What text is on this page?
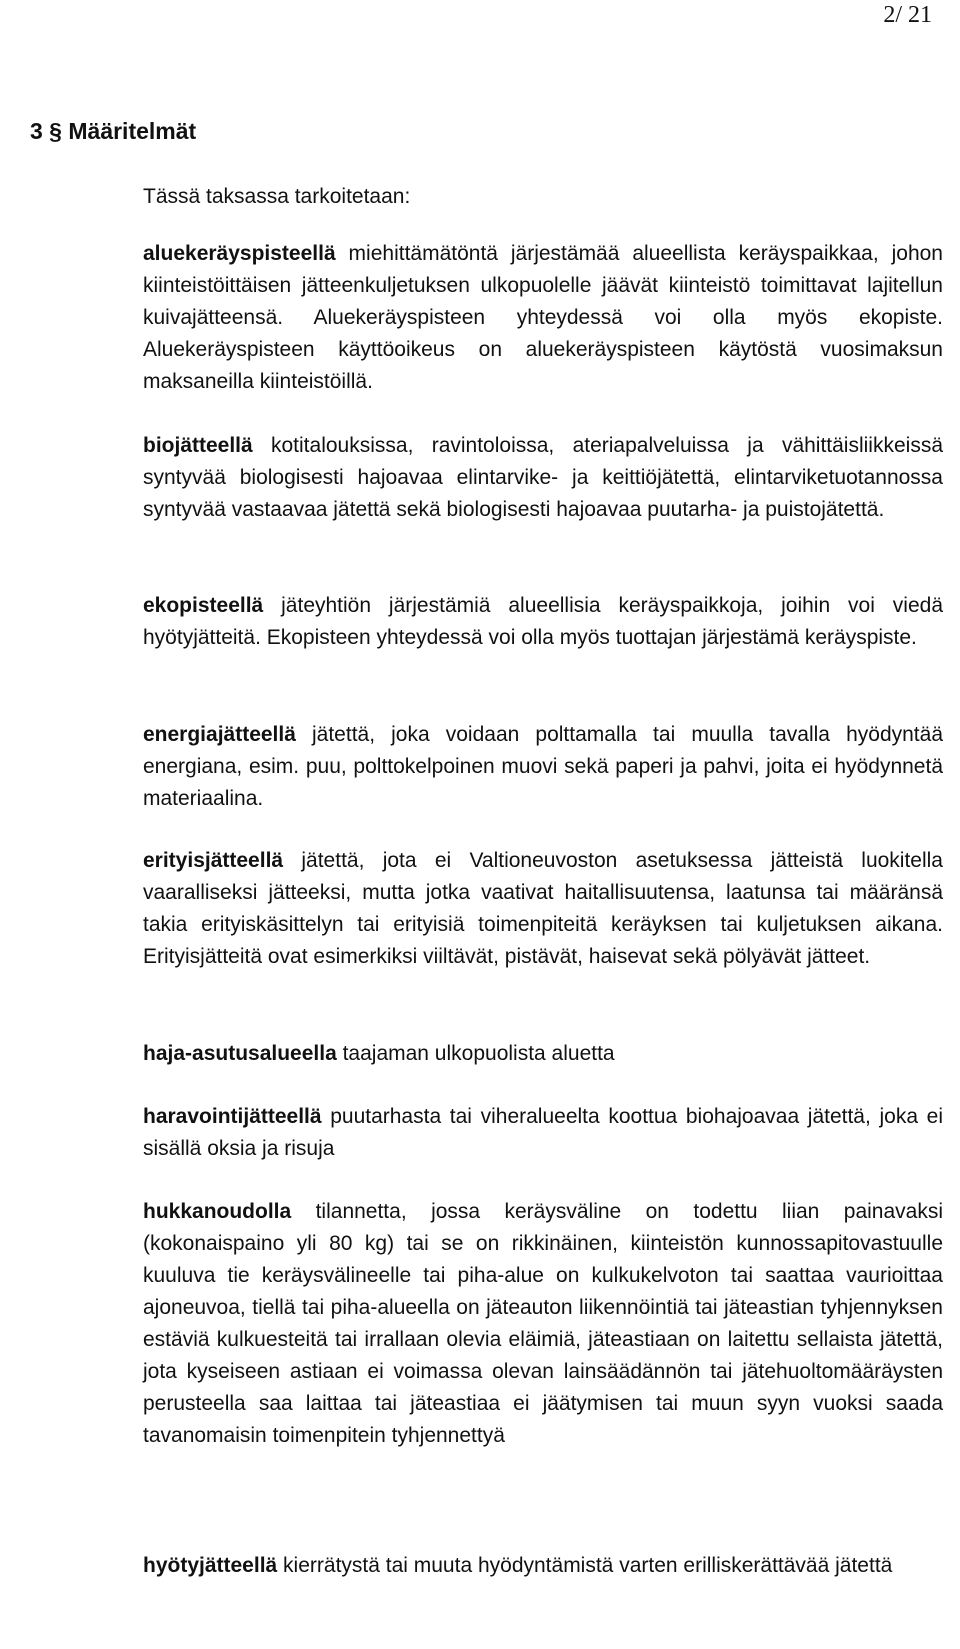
2/ 21
3 § Määritelmät

Tässä taksassa tarkoitetaan:

aluekeräyspisteellä miehittämätöntä järjestämää alueellista keräyspaikkaa, johon kiinteistöittäisen jätteenkuljetuksen ulkopuolelle jäävät kiinteistö toimittavat lajitellun kuivajätteensä. Aluekeräyspisteen yhteydessä voi olla myös ekopiste. Aluekeräyspisteen käyttöoikeus on aluekeräyspisteen käytöstä vuosimaksun maksaneilla kiinteistöillä.

biojätteellä kotitalouksissa, ravintoloissa, ateriapalveluissa ja vähittäisliikkeissä syntyvää biologisesti hajoavaa elintarvike- ja keittiöjätettä, elintarviketuotannossa syntyvää vastaavaa jätettä sekä biologisesti hajoavaa puutarha- ja puistojätettä.

ekopisteellä jäteyhtiön järjestämiä alueellisia keräyspaikkoja, joihin voi viedä hyötyjätteitä. Ekopisteen yhteydessä voi olla myös tuottajan järjestämä keräyspiste.

energiajätteellä jätettä, joka voidaan polttamalla tai muulla tavalla hyödyntää energiana, esim. puu, polttokelpoinen muovi sekä paperi ja pahvi, joita ei hyödynnetä materiaalina.

erityisjätteellä jätettä, jota ei Valtioneuvoston asetuksessa jätteistä luokitella vaaralliseksi jätteeksi, mutta jotka vaativat haitallisuutensa, laatunsa tai määränsä takia erityiskäsittelyn tai erityisiä toimenpiteitä keräyksen tai kuljetuksen aikana. Erityisjätteitä ovat esimerkiksi viiltävät, pistävät, haisevat sekä pölyävät jätteet.

haja-asutusalueella taajaman ulkopuolista aluetta

haravointijätteellä puutarhasta tai viheralueelta koottua biohajoavaa jätettä, joka ei sisällä oksia ja risuja

hukkanoudolla tilannetta, jossa keräysväline on todettu liian painavaksi (kokonaispaino yli 80 kg) tai se on rikkinäinen, kiinteistön kunnossapitovastuulle kuuluva tie keräysvälineelle tai piha-alue on kulkukelvoton tai saattaa vaurioittaa ajoneuvoa, tiellä tai piha-alueella on jäteauton liikennöintiä tai jäteastian tyhjennyksen estäviä kulkuesteitä tai irrallaan olevia eläimiä, jäteastiaan on laitettu sellaista jätettä, jota kyseiseen astiaan ei voimassa olevan lainsäädännön tai jätehuoltomääräysten perusteella saa laittaa tai jäteastiaa ei jäätymisen tai muun syyn vuoksi saada tavanomaisin toimenpitein tyhjennettyä

hyötyjätteellä kierrätystä tai muuta hyödyntämistä varten erilliskerättävää jätettä
